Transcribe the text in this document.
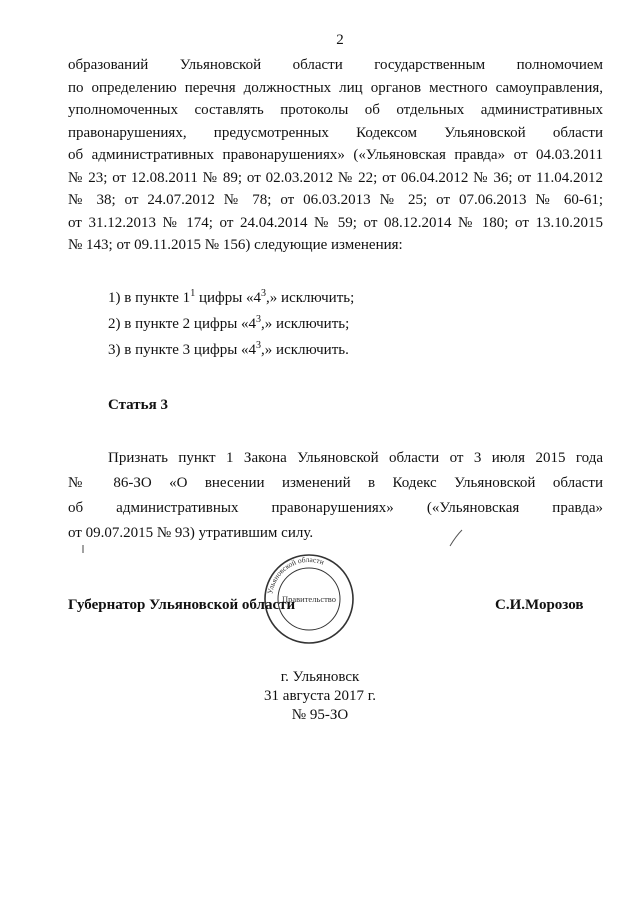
2
образований Ульяновской области государственным полномочием
по определению перечня должностных лиц органов местного самоуправления,
уполномоченных составлять протоколы об отдельных административных
правонарушениях, предусмотренных Кодексом Ульяновской области
об административных правонарушениях» («Ульяновская правда» от 04.03.2011
№ 23; от 12.08.2011 № 89; от 02.03.2012 № 22; от 06.04.2012 № 36; от 11.04.2012
№ 38; от 24.07.2012 № 78; от 06.03.2013 № 25; от 07.06.2013 № 60-61;
от 31.12.2013 № 174; от 24.04.2014 № 59; от 08.12.2014 № 180; от 13.10.2015
№ 143; от 09.11.2015 № 156) следующие изменения:
1) в пункте $1^1$ цифры «$4^3$,» исключить;
2) в пункте 2 цифры «$4^3$,» исключить;
3) в пункте 3 цифры «$4^3$,» исключить.
Статья 3
Признать пункт 1 Закона Ульяновской области от 3 июля 2015 года
№ 86-ЗО «О внесении изменений в Кодекс Ульяновской области
об административных правонарушениях» («Ульяновская правда»
от 09.07.2015 № 93) утратившим силу.
Ульяновской области
Правительство
Губернатор Ульяновской области	С.И.Морозов
г. Ульяновск
31 августа 2017 г.
№ 95-ЗО
